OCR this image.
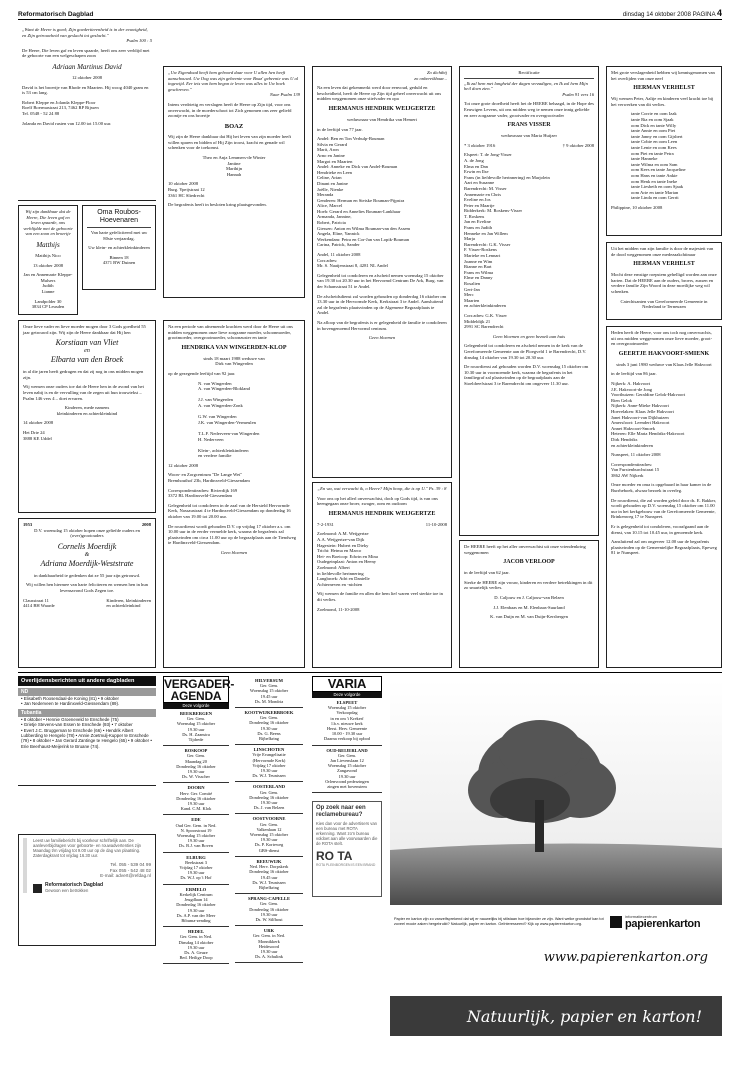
Reformatorisch Dagblad	dinsdag 14 oktober 2008 PAGINA 4
„Want de Heere is goed; Zijn goedertierenheid is in der eeuwigheid, en Zijn getrouwheid van geslacht tot geslacht."
Psalm 100 : 5
De Heere, Die leven gaf en leven spaarde, heeft ons zeer verblijd met de geboorte van een welgeschapen zoon
Adriaan Martinus David
12 oktober 2008
David is het broertje van Rhode en Maarten. Hij woog 4040 gram en is 53 cm lang.
Robert Kleppe en Jolanda Kleppe-Floor
Roelf Boermastraat 213, 7462 RP Rijssen
Tel. 0548 - 52 24 88
Jolanda en David rusten van 12.00 tot 15.00 uur.
Wij zijn dankbaar dat de Heere, Die leven gaf en leven spaarde, ons verblijdde met de geboorte van een zoon en broertje
Matthijs
Matthijs Nico
13 oktober 2008
Jan en Annemarie Kleppe-Mulsers
Judith
Lianne
Landpolder 30
3834 CP Leusden
Oma Roubos-Hoevenaren
Van harte gefeliciteerd met uw 80ste verjaardag.
Uw klein- en achterkleinkinderen
Binnen 18
4371 BW Duinen
Onze lieve vader en lieve moeder mogen door 3 Gods goedheid 55 jaar getrouwd zijn. Wij zijn de Heere dankbaar dat Hij hen
Korstiaan van Vliet
en
Elbarta van den Broek
in al die jaren heeft gedragen en dat zij nog in ons midden mogen zijn.
Wij wensen onze ouders toe dat de Heere hen in de avond van het leven nabij is en de vervulling van de zegen uit hun trouwtekst – Psalm 146 vers 4 – doet ervaren.
Kinderen, mede namens
kleinkinderen en achterkleinkind
14 oktober 2008
Het Drie 24
3888 KE Uddel
1953	2008
D.V. woensdag 15 oktober hopen onze geliefde ouders en (over)grootouders
Cornelis Moerdijk
&
Adriana Moerdijk-Weststrate
in dankbaarheid te gedenken dat ze 55 jaar zijn getrouwd.
Wij willen hen hiermee van harte feliciteren en wensen hen in hun levensavond Gods Zegen toe.
Clausstraat 11
4414 BH Waarde
Kinderen, kleinkinderen
en achterkleinkind
„Uw Eigendoad heeft hem geboord daar voor U allen hen heeft aanschouwd. Uw Oog was zijn gebeente voor Boaz' gebeente was U al ingewijd. Eer iets van hem begon te leven was alles in Uw boek geschreven."
Naar Psalm 139
Intens verdrietig en verslagen heeft de Heere op Zijn tijd, voor ons onverwacht, in de moederschoot tot Zich genomen ons zeer geliefd zoontje en ons broertje
BOAZ
Wij zijn de Heere dankbaar dat Hij het leven van zijn moeder heeft willen sparen en bidden of Hij Zijn troost, kracht en genade wil schenken voor de toekomst.
Theo en Anja Lemmers-de Winter
Jantine
Marthijn
Hannah
10 oktober 2008
Burg. Ypeijstraat 12
3361 HC Sliedrecht
De begrafenis heeft in besloten kring plaatsgevonden.
Na een periode van afnemende krachten werd door de Heere uit ons midden weggenomen onze lieve zorgzame moeder, schoonmoeder, grootmoeder, overgrootmoeder, schoonzuster en tante
HENDRIKA VAN WINGERDEN-KLOP
sinds 18 maart 1988 weduwe van
Dirk van Wingerden
op de gezegende leeftijd van 92 jaar.
N. van Wingerden
A. van Wingerden-Blokland

J.J. van Wingerden
A. van Wingerden-Zonk

G.W. van Wingerden
J.K. van Wingerden-Vermeulen

T.L.F. Nederveen-van Wingerden
H. Nederveen

Klein-, achterkleinkinderen
en verdere familie
12 oktober 2008
Woon- en Zorgcentrum "De Lange Wei"
Bremhouthof 23b, Hardinxveld-Giessendam
Correspondentieadres: Rivierdijk 169
3372 BL Hardinxveld-Giessendam
Gelegenheid tot condoleren in de zaal van de Hersteld Hervormde Kerk, Nassaustraat 4 te Hardinxveld-Giessendam op donderdag 16 oktober van 19.00 tot 20.00 uur.
De rouwdienst wordt gehouden D.V. op vrijdag 17 oktober a.s. om 10.00 uur in de eerder vermelde kerk, waarna de begrafenis zal plaatsvinden om circa 11.00 uur op de begraafplaats aan de Tiendweg te Hardinxveld-Giessendam.
Geen bloemen
Zo dichtbij
zo onbereikbaar...
Na een leven dat gekenmerkt werd door eenvoud, geduld en bescheidheid, heeft de Heere op Zijn tijd geheel onverwacht uit ons midden weggenomen onze stiefvader en opa
HERMANUS HENDRIK WEIJGERTZE
weduwnaar van Hendrika van Hemert
in de leeftijd van 77 jaar.
Andel: Ben en Ton Verhulp-Bouman
Silvia en Gerard
Marit, Aron
Arno en Janine
Margot en Maarten
Andel: Anneke en Dick van Andel-Bouman
Hendrieke en Leen
Celine, Arian
Dinant en Janine
Joëlle, Nienke
Meranda
Genderen: Herman en Sietske Bouman-Pijpstra
Alice, Marcel
Hoeh: Gerard en Annelies Bouman-Lankhaar
Armanda, Jannine,
Robert, Patricia
Giessen: Anton en Wilma Bouman-van den Assem
Angela, Eline, Yannick
Werkendam: Petra en Cor-Jan van Lopik-Bouman
Carina, Patrick, Sander
Andel, 11 oktober 2008
Corr.adres:
Mr. S. Naaijenstraat 8, 4281 NL Andel
Gelegenheid tot condoleren en afscheid nemen woensdag 15 oktober van 19.30 tot 20.30 uur in het Hervormd Centrum De Ark, Burg. van der Schansstraat 51 te Andel.
De afscheidsdienst zal worden gehouden op donderdag 16 oktober om 13.30 uur in de Hervormde Kerk, Kerkstraat 3 te Andel. Aansluitend zal de begrafenis plaatsvinden op de Algemene Begraafplaats te Andel.
Na afloop van de begrafenis is er gelegenheid de familie te condoleren in bovengenoemd Hervormd centrum.
Geen bloemen
„En wa, wat verwacht ik, o Heere? Mijn hoop, die is op U." Ps. 39 : 8
Voor ons op het allerl onverwachtst, doch op Gods tijd, is van ons heengegaan onze broer, zwager, oom en oudoom
HERMANUS HENDRIK WEIJGERTZE
7-2-1931	11-10-2008
Zoelmond: A.M. Weijgertze
A.A. Weijgertze-van Dijk
Hagestein: Hubert en Dieky
Tricht: Hetma en Marco
Hei- en Boeicop: Edwin en Mina
Oudegeinplaat: Anton en Heeny
Zoelmond: Albert
in liefdevolle herinnering
Langbroek: Adri en Danielle
Achterneven en -nichten
Wij wensen de familie en allen die hem lief waren veel sterkte toe in dit verlies.
Zoelmond, 11-10-2008
Rectificatie
„Ik zal hem met langheid der dagen verzadigen, en Ik zal hem Mijn heil doen zien."
Psalm 91 vers 16
Tot onze grote droefheid heeft het de HEERE behaagd, in de Hope des Eeuwigen Levens, uit ons midden weg te nemen onze innig geliefde en zeer zorgzame vader, grootvader en overgrootvader
FRANS VISSER
weduwnaar van Maria Huijzer
* 3 oktober 1916	† 9 oktober 2008
Elspeet: T. de Jong-Visser
A. de Jong
Elma en Dan
Erwin en Ilse
Frans (in liefdevolle herinnering) en Marjolein
Aart en Susanne
Barendrecht: M. Visser
Annemarie en Chris
Eveline en Jos
Peter en Maartje
Ridderkerk: M. Roskens-Visser
T. Roskens
Jan en Eveline
Frans en Judith
Henneke en Jan Willem
Marja
Barendrecht: G.K. Visser
F. Visser-Roskens
Marieke en Lennart
Joanne en Wim
Rianne en Bart
Frans en Wilma
Elme en Danny
Rosalien
Gert-Jan
Merc
Maarten
en achterkleinkinderen
Corr.adres: G.K. Visser
Middeldijk 21
2991 SC Barendrecht
Geen bloemen en geen bezoek aan huis
Gelegenheid tot condoleren en afscheid nemen in de kerk van de Gereformeerde Gemeente aan de Ploegveld 1 te Barendrecht, D.V. dinsdag 14 oktober van 19.30 tot 20.30 uur.
De rouwdienst zal gehouden worden D.V. woensdag 15 oktober om 10.30 uur in voornoemde kerk, waarna de begrafenis in het familiegraf zal plaatsvinden op de begraafplaats aan de Stoeldreefstraat 3 te Barendrecht om ongeveer 11.30 uur.
De HEERE heeft op het aller onverwachtst uit onze vriendenkring weggenomen
JACOB VERLOOP
in de leeftijd van 62 jaar.
Sterke de HEERE zijn vrouw, kinderen en verdere betrekkingen in dit zo smartelijk verlies.
D. Caljouw en J. Caljouw-van Belzen
J.J. Elenbaas en M. Elenbaas-Suurland
K. van Duijn en M. van Duijn-Kersbergen
Met grote verslagenheid hebben wij kennisgenomen van het overlijden van onze neef
HERMAN VERHELST
Wij wensen Peter, Aaltje en kinderen veel kracht toe bij het verwerken van dit verlies.
tante Corrie en oom Izak
tante Ria en oom Sjaak
oom Dick en tante Willy
tante Annie en oom Piet
tante Janny en oom Gijsbert
tante Cobie en oom Leen
tante Lenie en oom Kees
oom Piet en tante Petra
tante Hanneke
tante Wilma en oom Sam
oom Kees en tante Jacqueline
oom Hans en tante Ankie
oom Henk en tante Ineke
tante Liesbeth en oom Sjaak
oom Arie en tante Marian
tante Linda en oom Gerrit
Philippine, 10 oktober 2008
Uit het midden van zijn familie is door de majesteit van de dood weggenomen onze medezaakchtinaar
HERMAN VERHELST
Mocht deze ernstige roepstem gehelligd worden aan onze harten. Dat de HEERE aan de ouders, broers, zussen en verdere familie Zijn Woord in deze moeilijke weg wil schenken.
Catechisanten van Gereformeerde Gemeente in Nederland te Terneuzen
Heden heeft de Heere, voor ons toch nog onverwachts, uit ons midden weggenomen onze lieve moeder, groot- en overgrootmoeder
GEERTJE HAKVOORT-SMIENK
sinds 3 juni 1980 weduwe van Klaas Jelle Hakvoort
in de leeftijd van 86 jaar.
Nijkerk: A. Hakvoort
J.E. Hakvoort-de Jong
Voorthuizen: Geraldine Gelok-Hakvoort
Rien Gelok
Nijkerk: Anne-Mieke Hakvoort
Hoevelaken: Klaas Jelle Hakvoort
Janet Hakvoort-van Dijkhuizen
Amersfoort: Leendert Hakvoort
Annet Hakvoort-Smoek
Heteren: Elle Maria Hendriks-Hakvoort
Dirk Hendriks
en achterkleinkinderen
Nunspeet, 11 oktober 2008
Correspondentieadres:
Van Furstenburchstraat 15
3862 AW Nijkerk
Onze moeder en oma is opgebaard in haar kamer in de Burrheboek, alwaar bezoek in overleg.
De rouwdienst, die zal worden geleid door ds. E. Bakker, wordt gehouden op D.V. woensdag 15 oktober om 11.00 uur in het kerkgebouw van de Gereformeerde Gemeente, Brinkenweg 17 te Nunspeet.
Er is gelegenheid tot condoleren, voorafgaand aan de dienst, van 10.15 tot 10.45 uur, in genoemde kerk.
Aansluitend zal om ongeveer 12.00 uur de begrafenis plaatsvinden op de Gemeentelijke Begraafplaats, Epeweg 81 te Nunspeet.
Overlijdensberichten uit andere dagbladen
ND
• Elisabeth Roosendaal-de Koning (81) • 9 oktober
• Jan Nederveen te Hardinxveld-Giessendam (89).
Tubantia
• 8 oktober • Hennie Groeneveld te Enschede (75)
• Grietje Stevens-van Essen te Enschede (93) • 7 oktober
• Evert J.C. Bruggeman te Enschede (66) • Hendrik Albert Lubberding te Hengelo (78) • Annie Zoetmulj-Kupper te Enschede (79) • 8 oktober • Jan Gerard Zantinge te Hengelo (65) • 9 oktober • Erie Beerhaust-Meijerink te Bruane (74).
Leest uw familiebericht bij voorkeur schriftelijk aan. De aanleverbijdragen voor geboorte- en rouwadvertenties zijn Maandag t/m vrijdag tot 9.00 uur op de dag van plaatsing. Zaterdagkrant tot vrijdag 16.30 uur.
Tel. 055 - 539 04 99
Fax 055 - 542 48 02
E-mail: advert@refdag.nl
Reformatorisch Dagblad
Gewoon een betrokken
VERGADER-
AGENDA
Deze volgorde
BEEKBERGEN
Ger. Gem.
Woensdag 15 oktober
19.30 uur
Ds. H. Zaanstra
Tijdrede
BOSKOOP
Ger. Gem.
Maandag 20
Donderdag 16 oktober
19.30 uur
Ds. W. Visscher
DOORN
Herv. Ger. Comité
Donderdag 16 oktober
19.30 uur
Kand. C.M. Klok
EDE
Oud Ger. Gem. in Ned.
N. Spoorstraat 19
Woensdag 15 oktober
19.30 uur
Ds. B.J. van Boven
ELBURG
Beekstraat 3
Vrijdag 17 oktober
19.30 uur
Ds. W.J. op 't Hof
ERMELO
Kerkelijk Centrum
Jeugdlaan 14
Donderdag 16 oktober
19.30 uur
Ds. A.P. van der Meer
Bibuma-zending
HEDEL
Ger. Gem. in Ned.
Dinsdag 14 oktober
19.30 uur
Ds. A. Geuze
Bed. Heilige Doop
HILVERSUM
Ger. Gem.
Woensdag 15 oktober
19.45 uur
Ds. M. Mondria
KOOTWIJKERBROEK
Ger. Gem.
Donderdag 16 oktober
19.30 uur
Ds. G. Beens
Bijbelkring
LINSCHOTEN
Vrije Evangelisatie
(Hervormde Kerk)
Vrijdag 17 oktober
19.30 uur
Ds. W.J. Teunissen
OOSTERLAND
Ger. Gem.
Donderdag 16 oktober
19.30 uur
Ds. J. van Belzen
OOSTVOORNE
Ger. Gem.
Valkenlaan 12
Woensdag 15 oktober
19.30 uur
Ds. P. Korteweg
GBS-dienst
REEUWIJK
Ned. Herv. Dorpskerk
Donderdag 16 oktober
19.45 uur
Ds. W.J. Teunissen
Bijbelkring
SPRANG-CAPELLE
Ger. Gem.
Donderdag 16 oktober
19.30 uur
Ds. W. Silfhout
URK
Ger. Gem. in Ned.
Monnikkerk
Heidesoord
19.30 uur
Ds. A. Schulink
VARIA
Deze volgorde
ELSPEET
Woensdag 15 oktober
Verkoopdag
in en om 't Krekerf
l.b.v. nieuwe kerk
Herst. Herv. Gemeente
10.00 - 19.30 uur
Daarna verkoop bij opbod
OUD-BEIJERLAND
Ger. Gem.
Jan Lievenslaan 12
Woensdag 15 oktober
Zangavond
19.30 uur
Orlenvoond pederzingen
zingen met bovenstem
Op zoek naar een reclamebureau?
Kies dan voor de advertisers van een bureau met ROTA erkenning. Want zo'n bureau voldoet aan alle voorwaarden die de ROTA stelt.
RO TA
ROTA PLEINBORGEN IS EEN BRAND
Papier en karton zijn zo vanzelfsprekend dat wij er nauwelijks bij stilstaan hoe bijzonder ze zijn. Want welke grondstof kan tot zoveel mooie zaken hergebruikt? Natuurlijk, papier en karton. Geïnteresseerd? Kijk op www.papierenkarton.org.
informatiecentrum
papierenkarton
www.papierenkarton.org
Natuurlijk, papier en karton!
